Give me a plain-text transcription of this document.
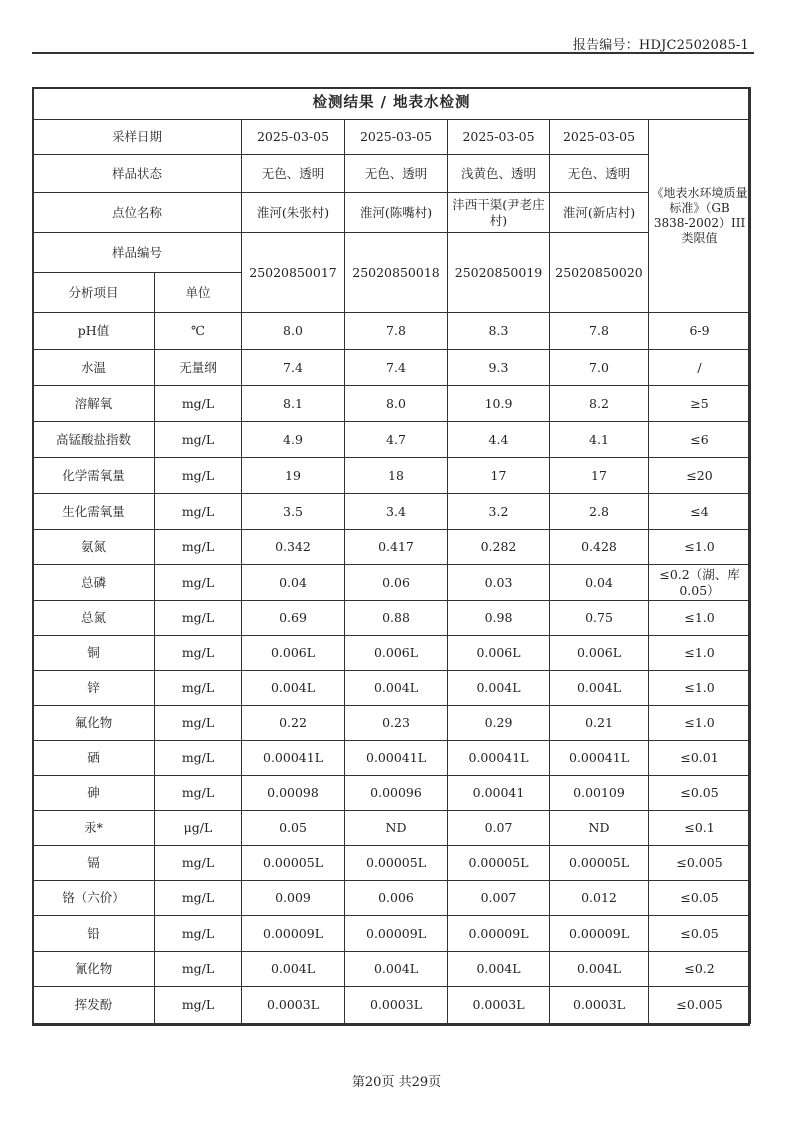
报告编号：HDJC2502085-1
检测结果 / 地表水检测						
采样日期		2025-03-05	2025-03-05	2025-03-05	2025-03-05	《地表水环境质量标准》（GB 3838-2002）III类限值
样品状态		无色、透明	无色、透明	浅黄色、透明	无色、透明	
点位名称		淮河(朱张村)	淮河(陈嘴村)	沣西干渠(尹老庄村)	淮河(新店村)	
样品编号		25020850017	25020850018	25020850019	25020850020	
分析项目	单位					
pH值	℃	8.0	7.8	8.3	7.8	6-9
水温	无量纲	7.4	7.4	9.3	7.0	/
溶解氧	mg/L	8.1	8.0	10.9	8.2	≥5
高锰酸盐指数	mg/L	4.9	4.7	4.4	4.1	≤6
化学需氧量	mg/L	19	18	17	17	≤20
生化需氧量	mg/L	3.5	3.4	3.2	2.8	≤4
氨氮	mg/L	0.342	0.417	0.282	0.428	≤1.0
总磷	mg/L	0.04	0.06	0.03	0.04	≤0.2（湖、库0.05）
总氮	mg/L	0.69	0.88	0.98	0.75	≤1.0
铜	mg/L	0.006L	0.006L	0.006L	0.006L	≤1.0
锌	mg/L	0.004L	0.004L	0.004L	0.004L	≤1.0
氟化物	mg/L	0.22	0.23	0.29	0.21	≤1.0
硒	mg/L	0.00041L	0.00041L	0.00041L	0.00041L	≤0.01
砷	mg/L	0.00098	0.00096	0.00041	0.00109	≤0.05
汞*	μg/L	0.05	ND	0.07	ND	≤0.1
镉	mg/L	0.00005L	0.00005L	0.00005L	0.00005L	≤0.005
铬（六价）	mg/L	0.009	0.006	0.007	0.012	≤0.05
铅	mg/L	0.00009L	0.00009L	0.00009L	0.00009L	≤0.05
氰化物	mg/L	0.004L	0.004L	0.004L	0.004L	≤0.2
挥发酚	mg/L	0.0003L	0.0003L	0.0003L	0.0003L	≤0.005
第20页 共29页
